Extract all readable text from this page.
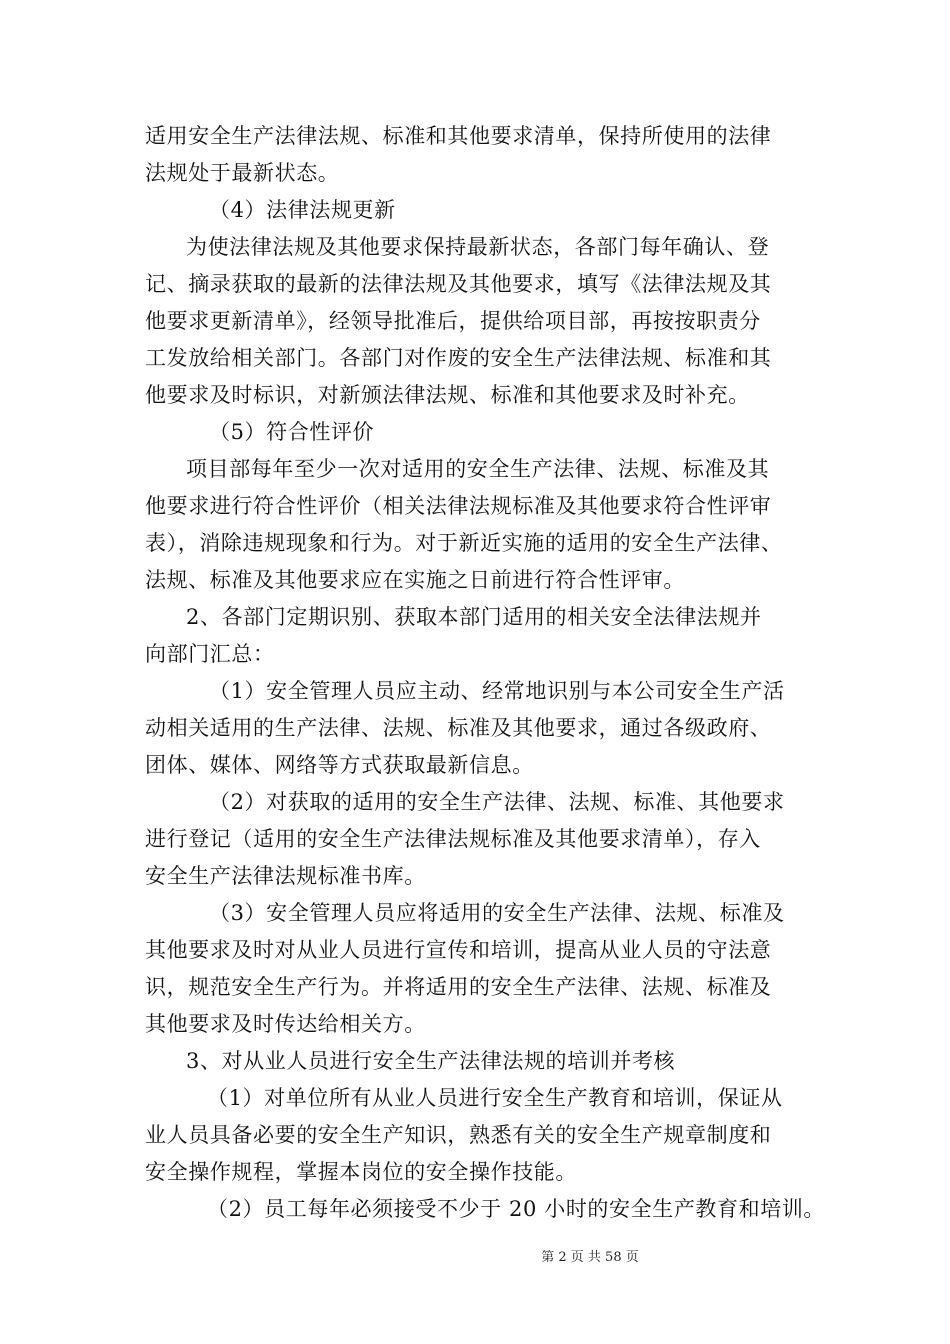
适用安全生产法律法规、标准和其他要求清单，保持所使用的法律
法规处于最新状态。
（4）法律法规更新
为使法律法规及其他要求保持最新状态，各部门每年确认、登
记、摘录获取的最新的法律法规及其他要求，填写《法律法规及其
他要求更新清单》，经领导批准后，提供给项目部，再按按职责分
工发放给相关部门。各部门对作废的安全生产法律法规、标准和其
他要求及时标识，对新颁法律法规、标准和其他要求及时补充。
（5）符合性评价
项目部每年至少一次对适用的安全生产法律、法规、标准及其
他要求进行符合性评价（相关法律法规标准及其他要求符合性评审
表），消除违规现象和行为。对于新近实施的适用的安全生产法律、
法规、标准及其他要求应在实施之日前进行符合性评审。
2、各部门定期识别、获取本部门适用的相关安全法律法规并
向部门汇总：
（1）安全管理人员应主动、经常地识别与本公司安全生产活
动相关适用的生产法律、法规、标准及其他要求，通过各级政府、
团体、媒体、网络等方式获取最新信息。
（2）对获取的适用的安全生产法律、法规、标准、其他要求
进行登记（适用的安全生产法律法规标准及其他要求清单），存入
安全生产法律法规标准书库。
（3）安全管理人员应将适用的安全生产法律、法规、标准及
其他要求及时对从业人员进行宣传和培训，提高从业人员的守法意
识，规范安全生产行为。并将适用的安全生产法律、法规、标准及
其他要求及时传达给相关方。
3、对从业人员进行安全生产法律法规的培训并考核
（1）对单位所有从业人员进行安全生产教育和培训，保证从
业人员具备必要的安全生产知识，熟悉有关的安全生产规章制度和
安全操作规程，掌握本岗位的安全操作技能。
（2）员工每年必须接受不少于 20 小时的安全生产教育和培训。
第 2 页 共 58 页
